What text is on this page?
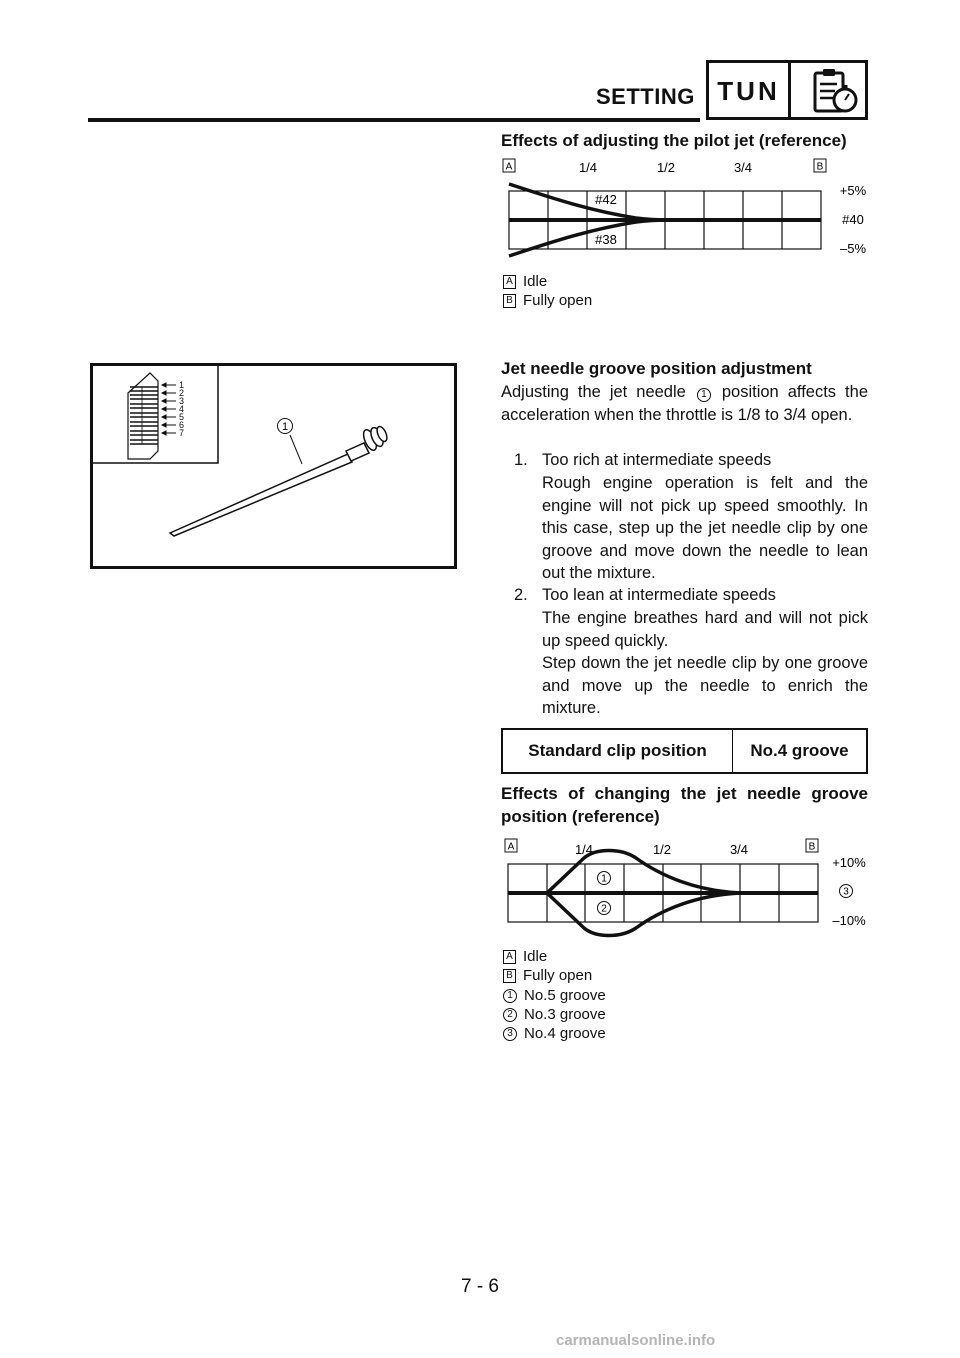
SETTING TUN
Effects of adjusting the pilot jet (reference)
A	B
1/4	1/2	3/4
#42
#38
+5%
#40
–5%
A Idle
B Fully open
1
2
3
4
5
6
7	1
Jet needle groove position adjustment
Adjusting the jet needle 1 position affects the acceleration when the throttle is 1/8 to 3/4 open.
1. Too rich at intermediate speeds
Rough engine operation is felt and the engine will not pick up speed smoothly. In this case, step up the jet needle clip by one groove and move down the needle to lean out the mixture.
2. Too lean at intermediate speeds
The engine breathes hard and will not pick up speed quickly.
Step down the jet needle clip by one groove and move up the needle to enrich the mixture.
Standard clip position	No.4 groove
Effects of changing the jet needle groove position (reference)
A	B
1/4	1/2	3/4
1
2
+10%
3
–10%
A Idle
B Fully open
1 No.5 groove
2 No.3 groove
3 No.4 groove
7 - 6
carmanualsonline.info
